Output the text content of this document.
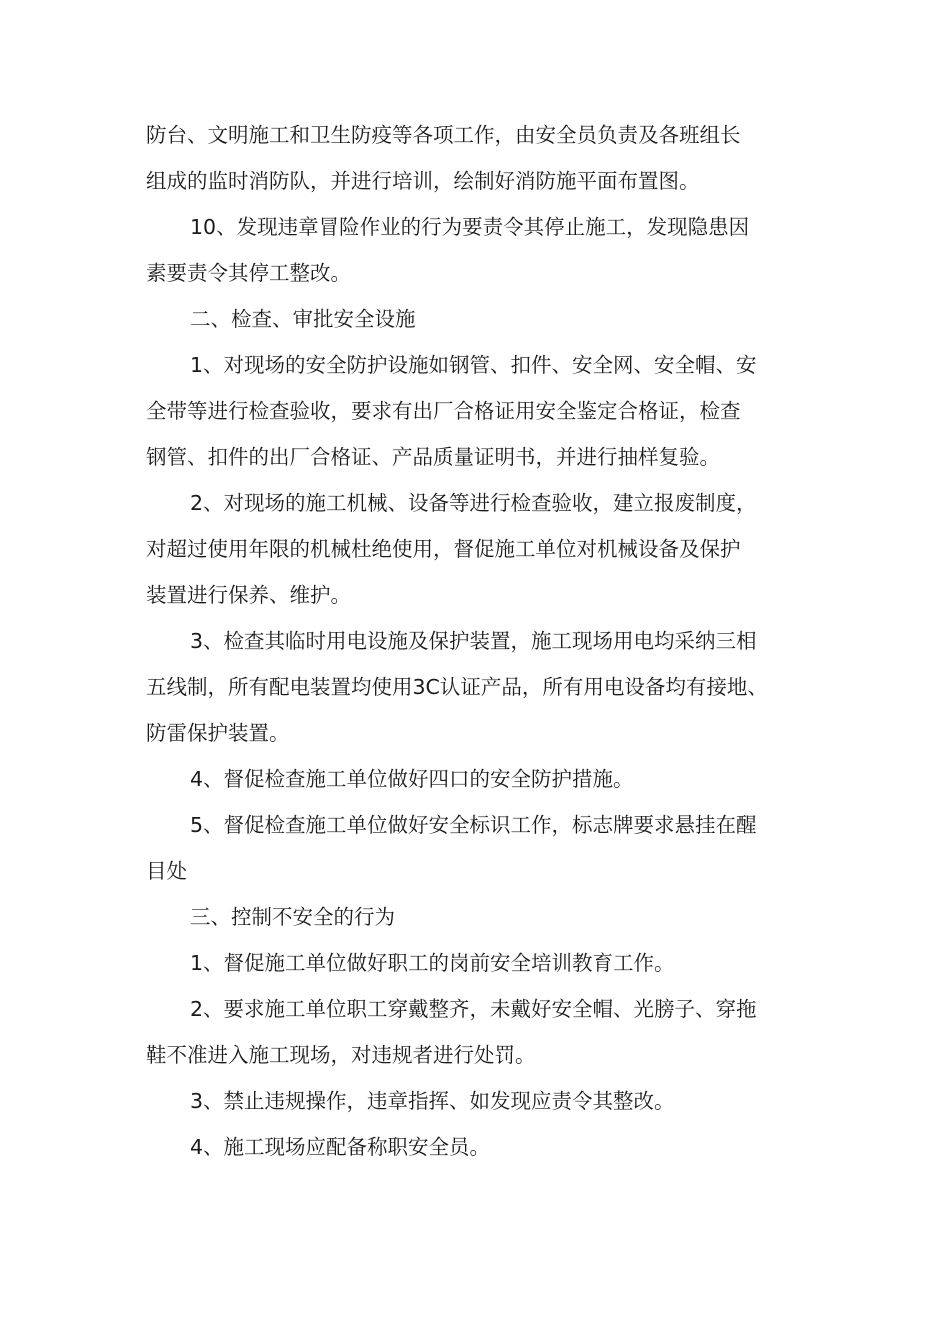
防台、文明施工和卫生防疫等各项工作，由安全员负责及各班组长
组成的监时消防队，并进行培训，绘制好消防施平面布置图。
10、发现违章冒险作业的行为要责令其停止施工，发现隐患因
素要责令其停工整改。
二、检查、审批安全设施
1、对现场的安全防护设施如钢管、扣件、安全网、安全帽、安
全带等进行检查验收，要求有出厂合格证用安全鉴定合格证，检查
钢管、扣件的出厂合格证、产品质量证明书，并进行抽样复验。
2、对现场的施工机械、设备等进行检查验收，建立报废制度，
对超过使用年限的机械杜绝使用，督促施工单位对机械设备及保护
装置进行保养、维护。
3、检查其临时用电设施及保护装置，施工现场用电均采纳三相
五线制，所有配电装置均使用3C认证产品，所有用电设备均有接地、
防雷保护装置。
4、督促检查施工单位做好四口的安全防护措施。
5、督促检查施工单位做好安全标识工作，标志牌要求悬挂在醒
目处
三、控制不安全的行为
1、督促施工单位做好职工的岗前安全培训教育工作。
2、要求施工单位职工穿戴整齐，未戴好安全帽、光膀子、穿拖
鞋不准进入施工现场，对违规者进行处罚。
3、禁止违规操作，违章指挥、如发现应责令其整改。
4、施工现场应配备称职安全员。
